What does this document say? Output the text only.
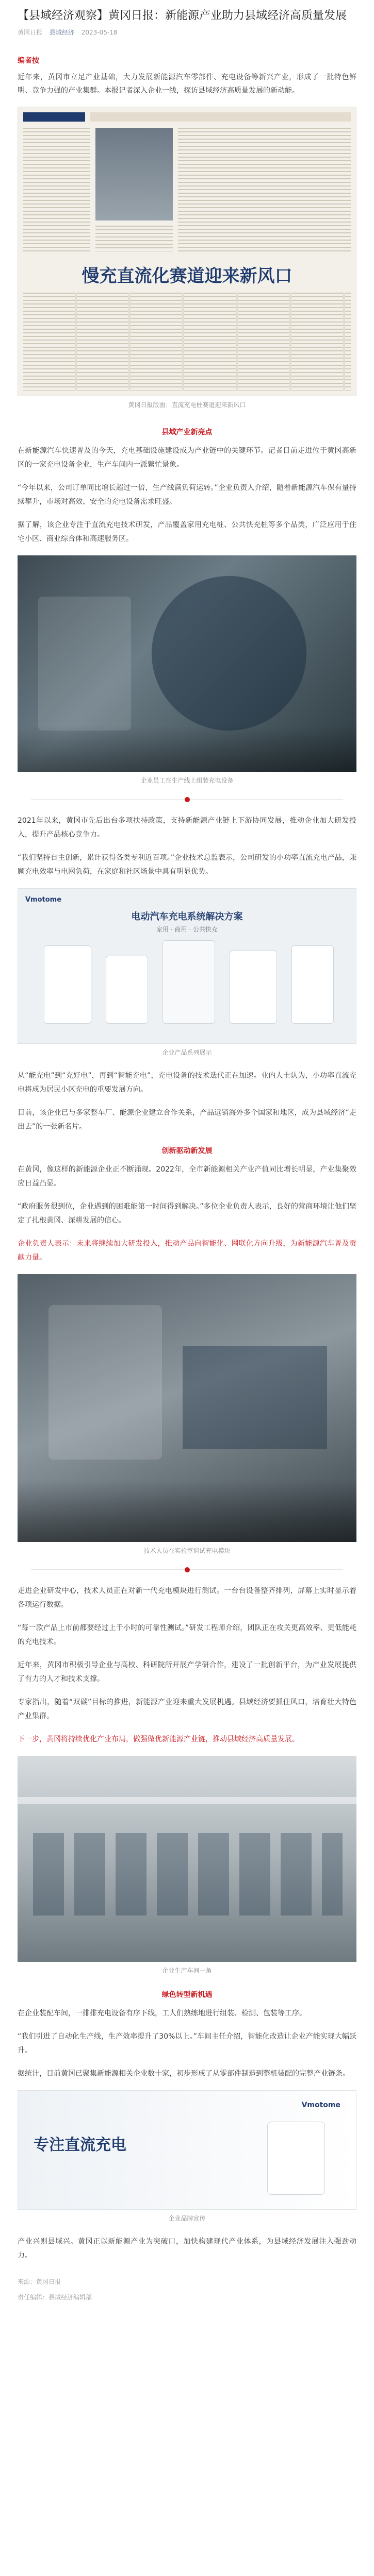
【县域经济观察】黄冈日报：新能源产业助力县域经济高质量发展
黄冈日报 县域经济 2023-05-18
编者按
近年来，黄冈市立足产业基础，大力发展新能源汽车零部件、充电设备等新兴产业，形成了一批特色鲜明、竞争力强的产业集群。本报记者深入企业一线，探访县域经济高质量发展的新动能。
慢充直流化赛道迎来新风口
黄冈日报版面：直流充电桩赛道迎来新风口
县域产业新亮点

在新能源汽车快速普及的今天，充电基础设施建设成为产业链中的关键环节。记者日前走进位于黄冈高新区的一家充电设备企业，生产车间内一派繁忙景象。

“今年以来，公司订单同比增长超过一倍，生产线满负荷运转。”企业负责人介绍，随着新能源汽车保有量持续攀升，市场对高效、安全的充电设备需求旺盛。

据了解，该企业专注于直流充电技术研发，产品覆盖家用充电桩、公共快充桩等多个品类，广泛应用于住宅小区、商业综合体和高速服务区。

企业员工在生产线上组装充电设备

2021年以来，黄冈市先后出台多项扶持政策，支持新能源产业链上下游协同发展，推动企业加大研发投入，提升产品核心竞争力。

“我们坚持自主创新，累计获得各类专利近百项。”企业技术总监表示，公司研发的小功率直流充电产品，兼顾充电效率与电网负荷，在家庭和社区场景中具有明显优势。

Vmotome
电动汽车充电系统解决方案
家用 · 商用 · 公共快充
企业产品系列展示

从“能充电”到“充好电”，再到“智能充电”，充电设备的技术迭代正在加速。业内人士认为，小功率直流充电将成为居民小区充电的重要发展方向。

目前，该企业已与多家整车厂、能源企业建立合作关系，产品远销海外多个国家和地区，成为县域经济“走出去”的一张新名片。

创新驱动新发展

在黄冈，像这样的新能源企业正不断涌现。2022年，全市新能源相关产业产值同比增长明显，产业集聚效应日益凸显。

“政府服务很到位，企业遇到的困难能第一时间得到解决。”多位企业负责人表示，良好的营商环境让他们坚定了扎根黄冈、深耕发展的信心。

企业负责人表示：未来将继续加大研发投入，推动产品向智能化、网联化方向升级，为新能源汽车普及贡献力量。

技术人员在实验室调试充电模块

走进企业研发中心，技术人员正在对新一代充电模块进行测试。一台台设备整齐排列，屏幕上实时显示着各项运行数据。

“每一款产品上市前都要经过上千小时的可靠性测试。”研发工程师介绍，团队正在攻关更高效率、更低能耗的充电技术。

近年来，黄冈市积极引导企业与高校、科研院所开展产学研合作，建设了一批创新平台，为产业发展提供了有力的人才和技术支撑。

专家指出，随着“双碳”目标的推进，新能源产业迎来重大发展机遇。县域经济要抓住风口，培育壮大特色产业集群。

下一步，黄冈将持续优化产业布局，做强做优新能源产业链，推动县域经济高质量发展。

企业生产车间一角
绿色转型新机遇

在企业装配车间，一排排充电设备有序下线，工人们熟练地进行组装、检测、包装等工序。

“我们引进了自动化生产线，生产效率提升了30%以上。”车间主任介绍，智能化改造让企业产能实现大幅跃升。

据统计，目前黄冈已聚集新能源相关企业数十家，初步形成了从零部件制造到整机装配的完整产业链条。

专注直流充电
Vmotome
企业品牌宣传

产业兴则县域兴。黄冈正以新能源产业为突破口，加快构建现代产业体系，为县域经济发展注入强劲动力。

来源：黄冈日报
责任编辑：县域经济编辑部
